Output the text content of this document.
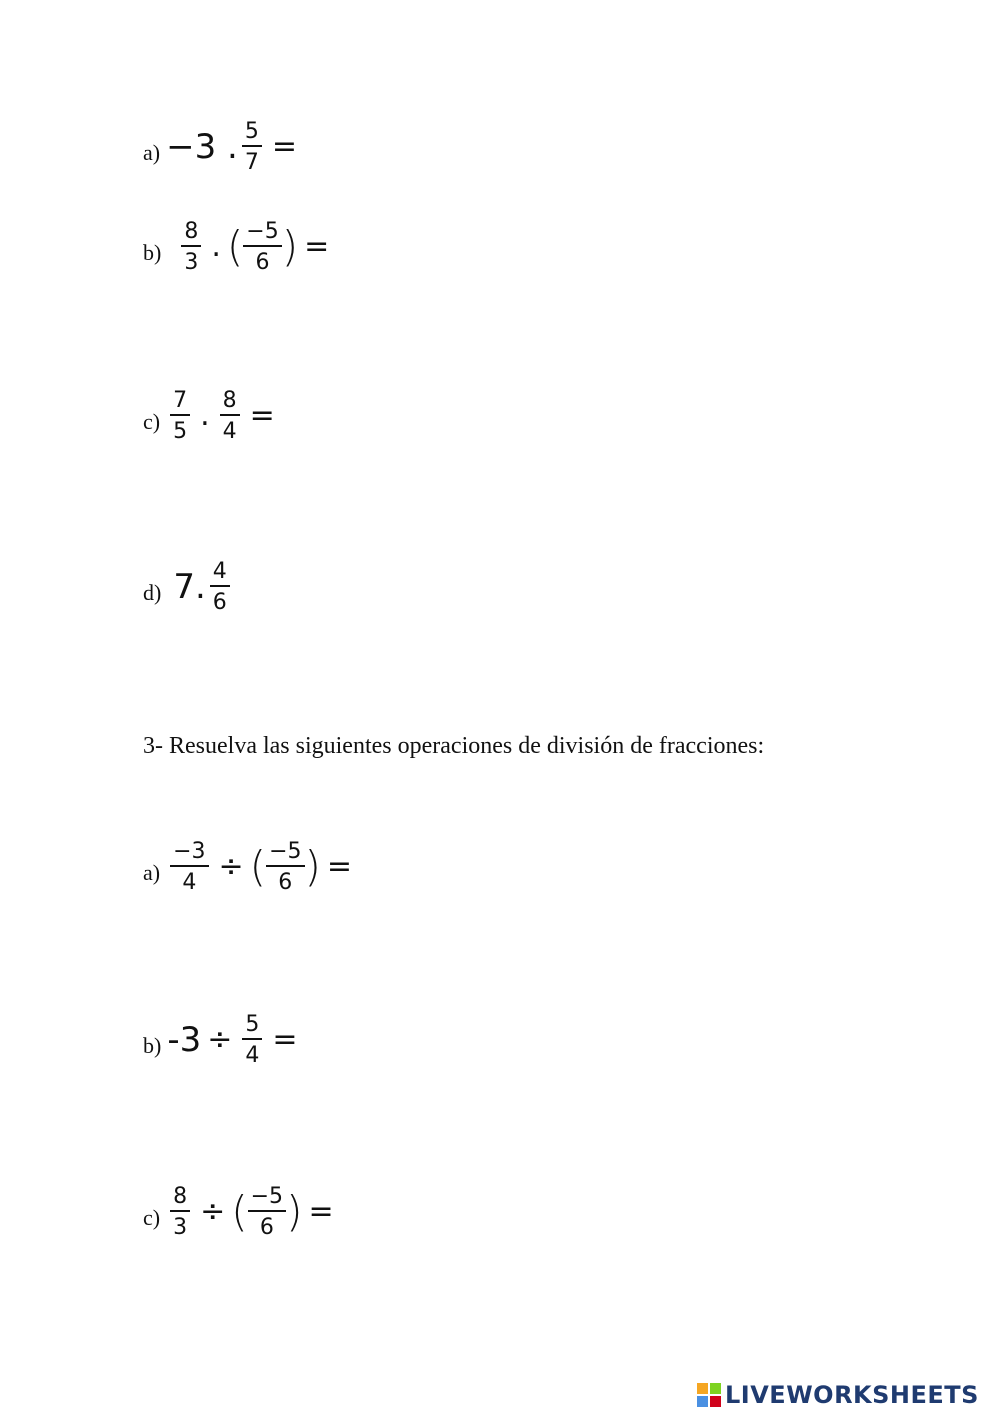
a) −3 . $\frac{5}{7}$ =
$b) \frac{8}{3}$ . ( $\frac{-5}{6}$ ) =
$c) \frac{7}{5}$ . $\frac{8}{4}$ =
d) 7. $\frac{4}{6}$
3- Resuelva las siguientes operaciones de división de fracciones:
$a) \frac{-3}{4}$ ÷ ( $\frac{-5}{6}$ ) =
b) $-3 \div \frac{5}{4}$ =
$c) \frac{8}{3}$ ÷ ( $\frac{-5}{6}$ ) =
LIVEWORKSHEETS
